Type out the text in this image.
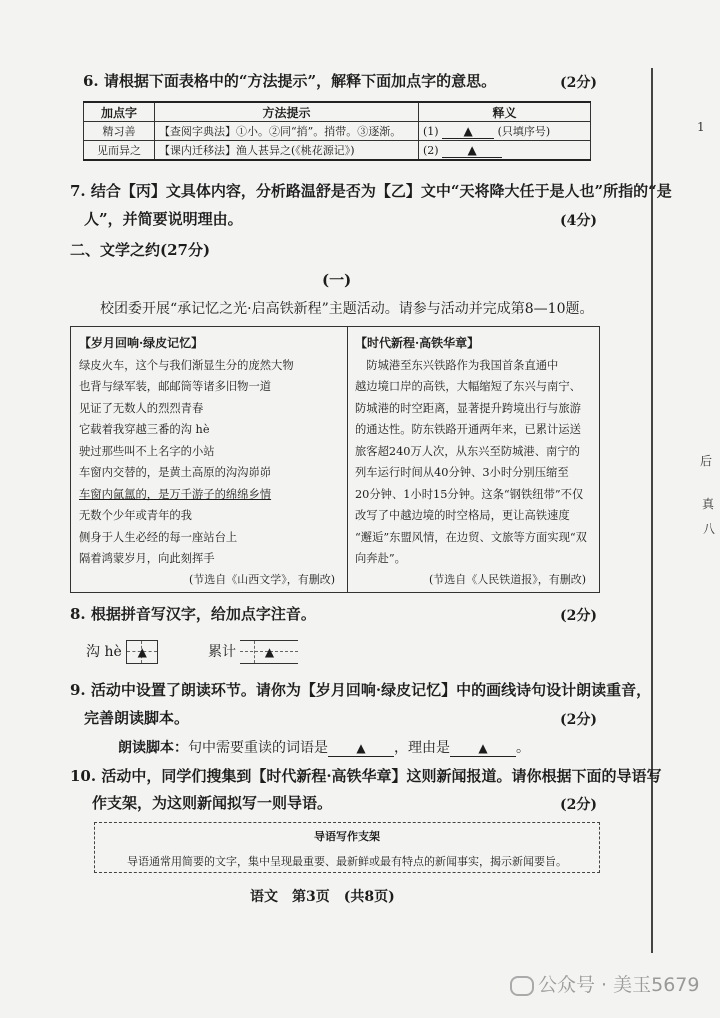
1
后
真
八
6. 请根据下面表格中的“方法提示”，解释下面加点字的意思。	(2分)
加点字	方法提示	释义
精习善	【查阅字典法】①小。②同“捎”。捎带。③逐渐。	(1) ▲ (只填序号)
见而异之	【课内迁移法】渔人甚异之(《桃花源记》)	(2) ▲
7. 结合【丙】文具体内容，分析路温舒是否为【乙】文中“天将降大任于是人也”所指的“是
人”，并简要说明理由。	(4分)
二、文学之约(27分)
(一)
校团委开展“承记忆之光·启高铁新程”主题活动。请参与活动并完成第8—10题。
【岁月回响·绿皮记忆】
绿皮火车，这个与我们渐显生分的庞然大物
也背与绿军装，邮邮筒等诸多旧物一道
见证了无数人的烈烈青春
它载着我穿越三番的沟 hè
驶过那些叫不上名字的小站
车窗内交替的，是黄土高原的沟沟峁峁
车窗内氤氲的，是万千游子的绵绵乡情
无数个少年或青年的我
侧身于人生必经的每一座站台上
隔着鸿蒙岁月，向此刻挥手
(节选自《山西文学》，有删改)
【时代新程·高铁华章】
　防城港至东兴铁路作为我国首条直通中
越边境口岸的高铁，大幅缩短了东兴与南宁、
防城港的时空距离，显著提升跨境出行与旅游
的通达性。防东铁路开通两年来，已累计运送
旅客超240万人次，从东兴至防城港、南宁的
列车运行时间从40分钟、3小时分别压缩至
20分钟、1小时15分钟。这条“钢铁纽带”不仅
改写了中越边境的时空格局，更让高铁速度
“邂逅”东盟风情，在边贸、文旅等方面实现“双
向奔赴”。
(节选自《人民铁道报》，有删改)
8. 根据拼音写汉字，给加点字注音。	(2分)
沟 hè	▲	累计	▲
9. 活动中设置了朗读环节。请你为【岁月回响·绿皮记忆】中的画线诗句设计朗读重音，
完善朗读脚本。	(2分)
朗读脚本：句中需要重读的词语是 ▲ ，理由是 ▲ 。
10. 活动中，同学们搜集到【时代新程·高铁华章】这则新闻报道。请你根据下面的导语写
作支架，为这则新闻拟写一则导语。	(2分)
导语写作支架
导语通常用简要的文字，集中呈现最重要、最新鲜或最有特点的新闻事实，揭示新闻要旨。
语文　第3页　(共8页)
公众号 · 美玉5679
